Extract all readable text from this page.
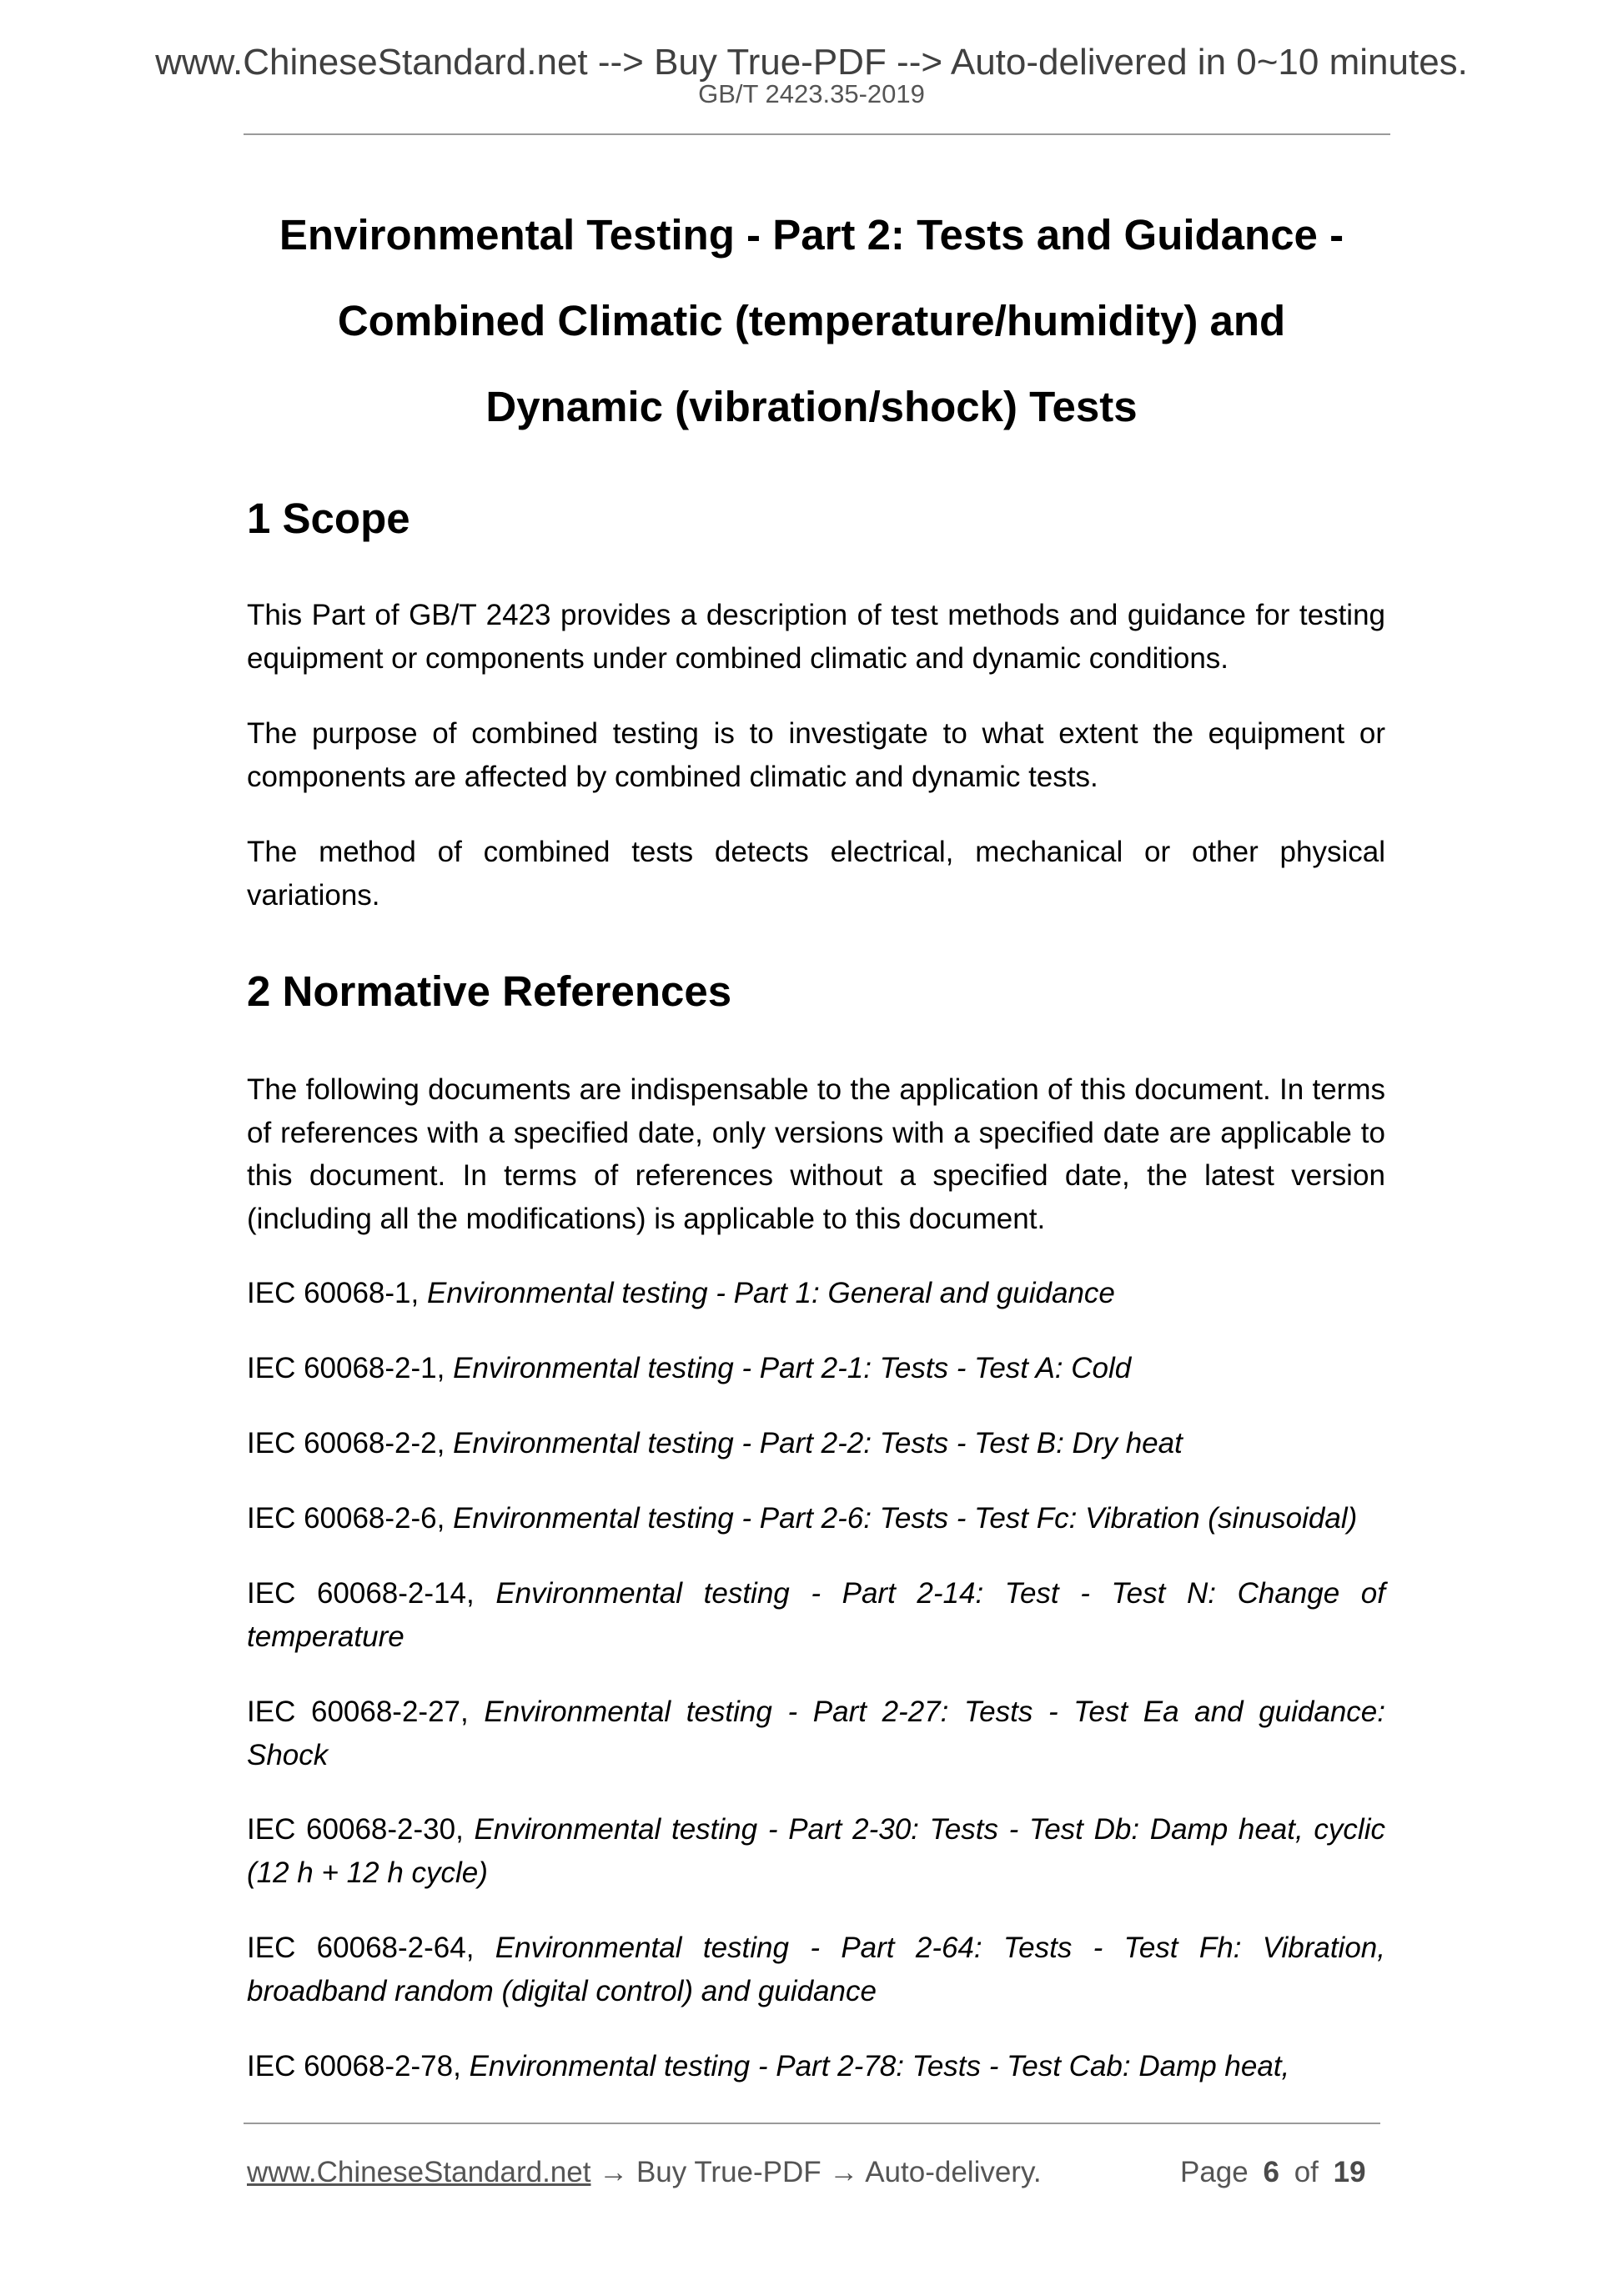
www.ChineseStandard.net --> Buy True-PDF --> Auto-delivered in 0~10 minutes.
GB/T 2423.35-2019
Environmental Testing - Part 2: Tests and Guidance -
Combined Climatic (temperature/humidity) and
Dynamic (vibration/shock) Tests
1 Scope

This Part of GB/T 2423 provides a description of test methods and guidance for testing equipment or components under combined climatic and dynamic conditions.

The purpose of combined testing is to investigate to what extent the equipment or components are affected by combined climatic and dynamic tests.

The method of combined tests detects electrical, mechanical or other physical variations.

2 Normative References

The following documents are indispensable to the application of this document. In terms of references with a specified date, only versions with a specified date are applicable to this document. In terms of references without a specified date, the latest version (including all the modifications) is applicable to this document.

IEC 60068-1, Environmental testing - Part 1: General and guidance

IEC 60068-2-1, Environmental testing - Part 2-1: Tests - Test A: Cold

IEC 60068-2-2, Environmental testing - Part 2-2: Tests - Test B: Dry heat

IEC 60068-2-6, Environmental testing - Part 2-6: Tests - Test Fc: Vibration (sinusoidal)

IEC 60068-2-14, Environmental testing - Part 2-14: Test - Test N: Change of temperature

IEC 60068-2-27, Environmental testing - Part 2-27: Tests - Test Ea and guidance: Shock

IEC 60068-2-30, Environmental testing - Part 2-30: Tests - Test Db: Damp heat, cyclic (12 h + 12 h cycle)

IEC 60068-2-64, Environmental testing - Part 2-64: Tests - Test Fh: Vibration, broadband random (digital control) and guidance

IEC 60068-2-78, Environmental testing - Part 2-78: Tests - Test Cab: Damp heat,

www.ChineseStandard.net → Buy True-PDF → Auto-delivery.	Page 6 of 19
